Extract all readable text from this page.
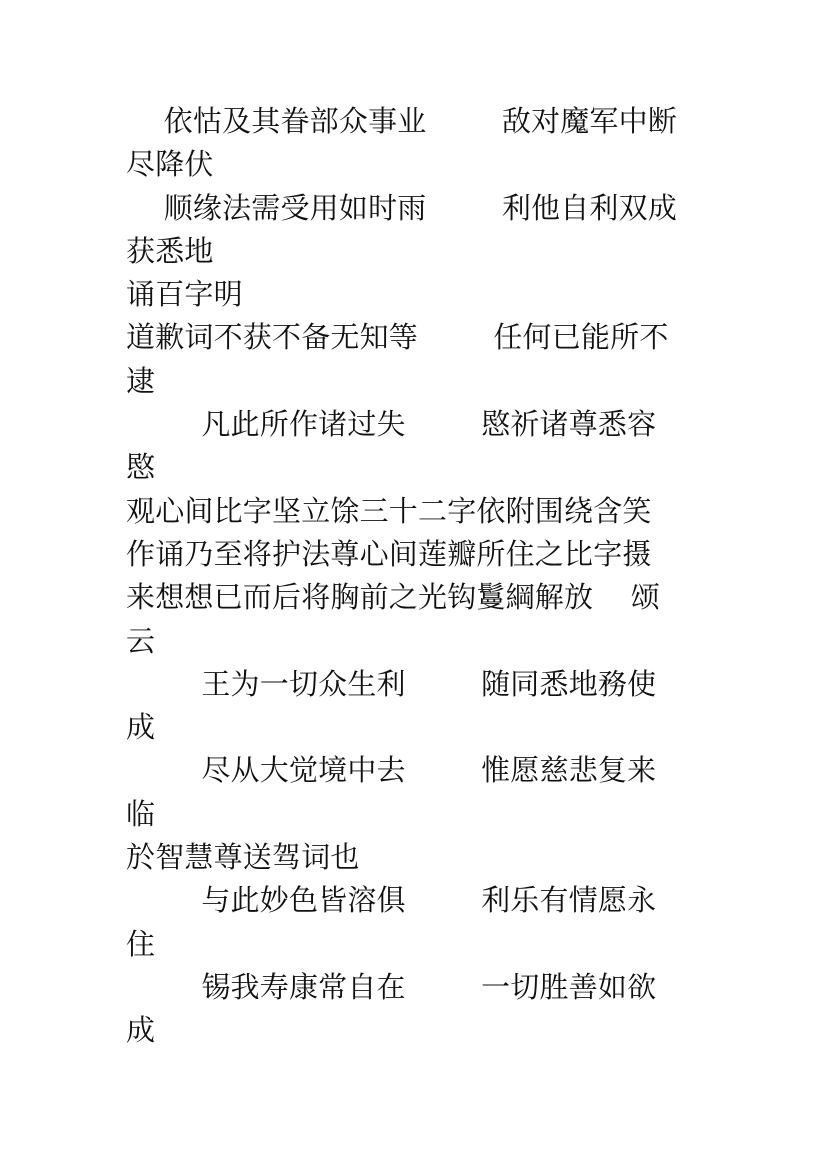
依怙及其眷部众事业        敌对魔军中断
尽降伏
顺缘法需受用如时雨        利他自利双成
获悉地
诵百字明
道歉词不获不备无知等        任何已能所不
逮
凡此所作诸过失        愍祈诸尊悉容
愍
观心间比字坚立馀三十二字依附围绕含笑
作诵乃至将护法尊心间莲瓣所住之比字摄
来想想已而后将胸前之光钩鬘綱解放    颂
云
王为一切众生利        随同悉地務使
成
尽从大觉境中去        惟愿慈悲复来
临
於智慧尊送驾词也
与此妙色皆溶俱        利乐有情愿永
住
锡我寿康常自在        一切胜善如欲
成
